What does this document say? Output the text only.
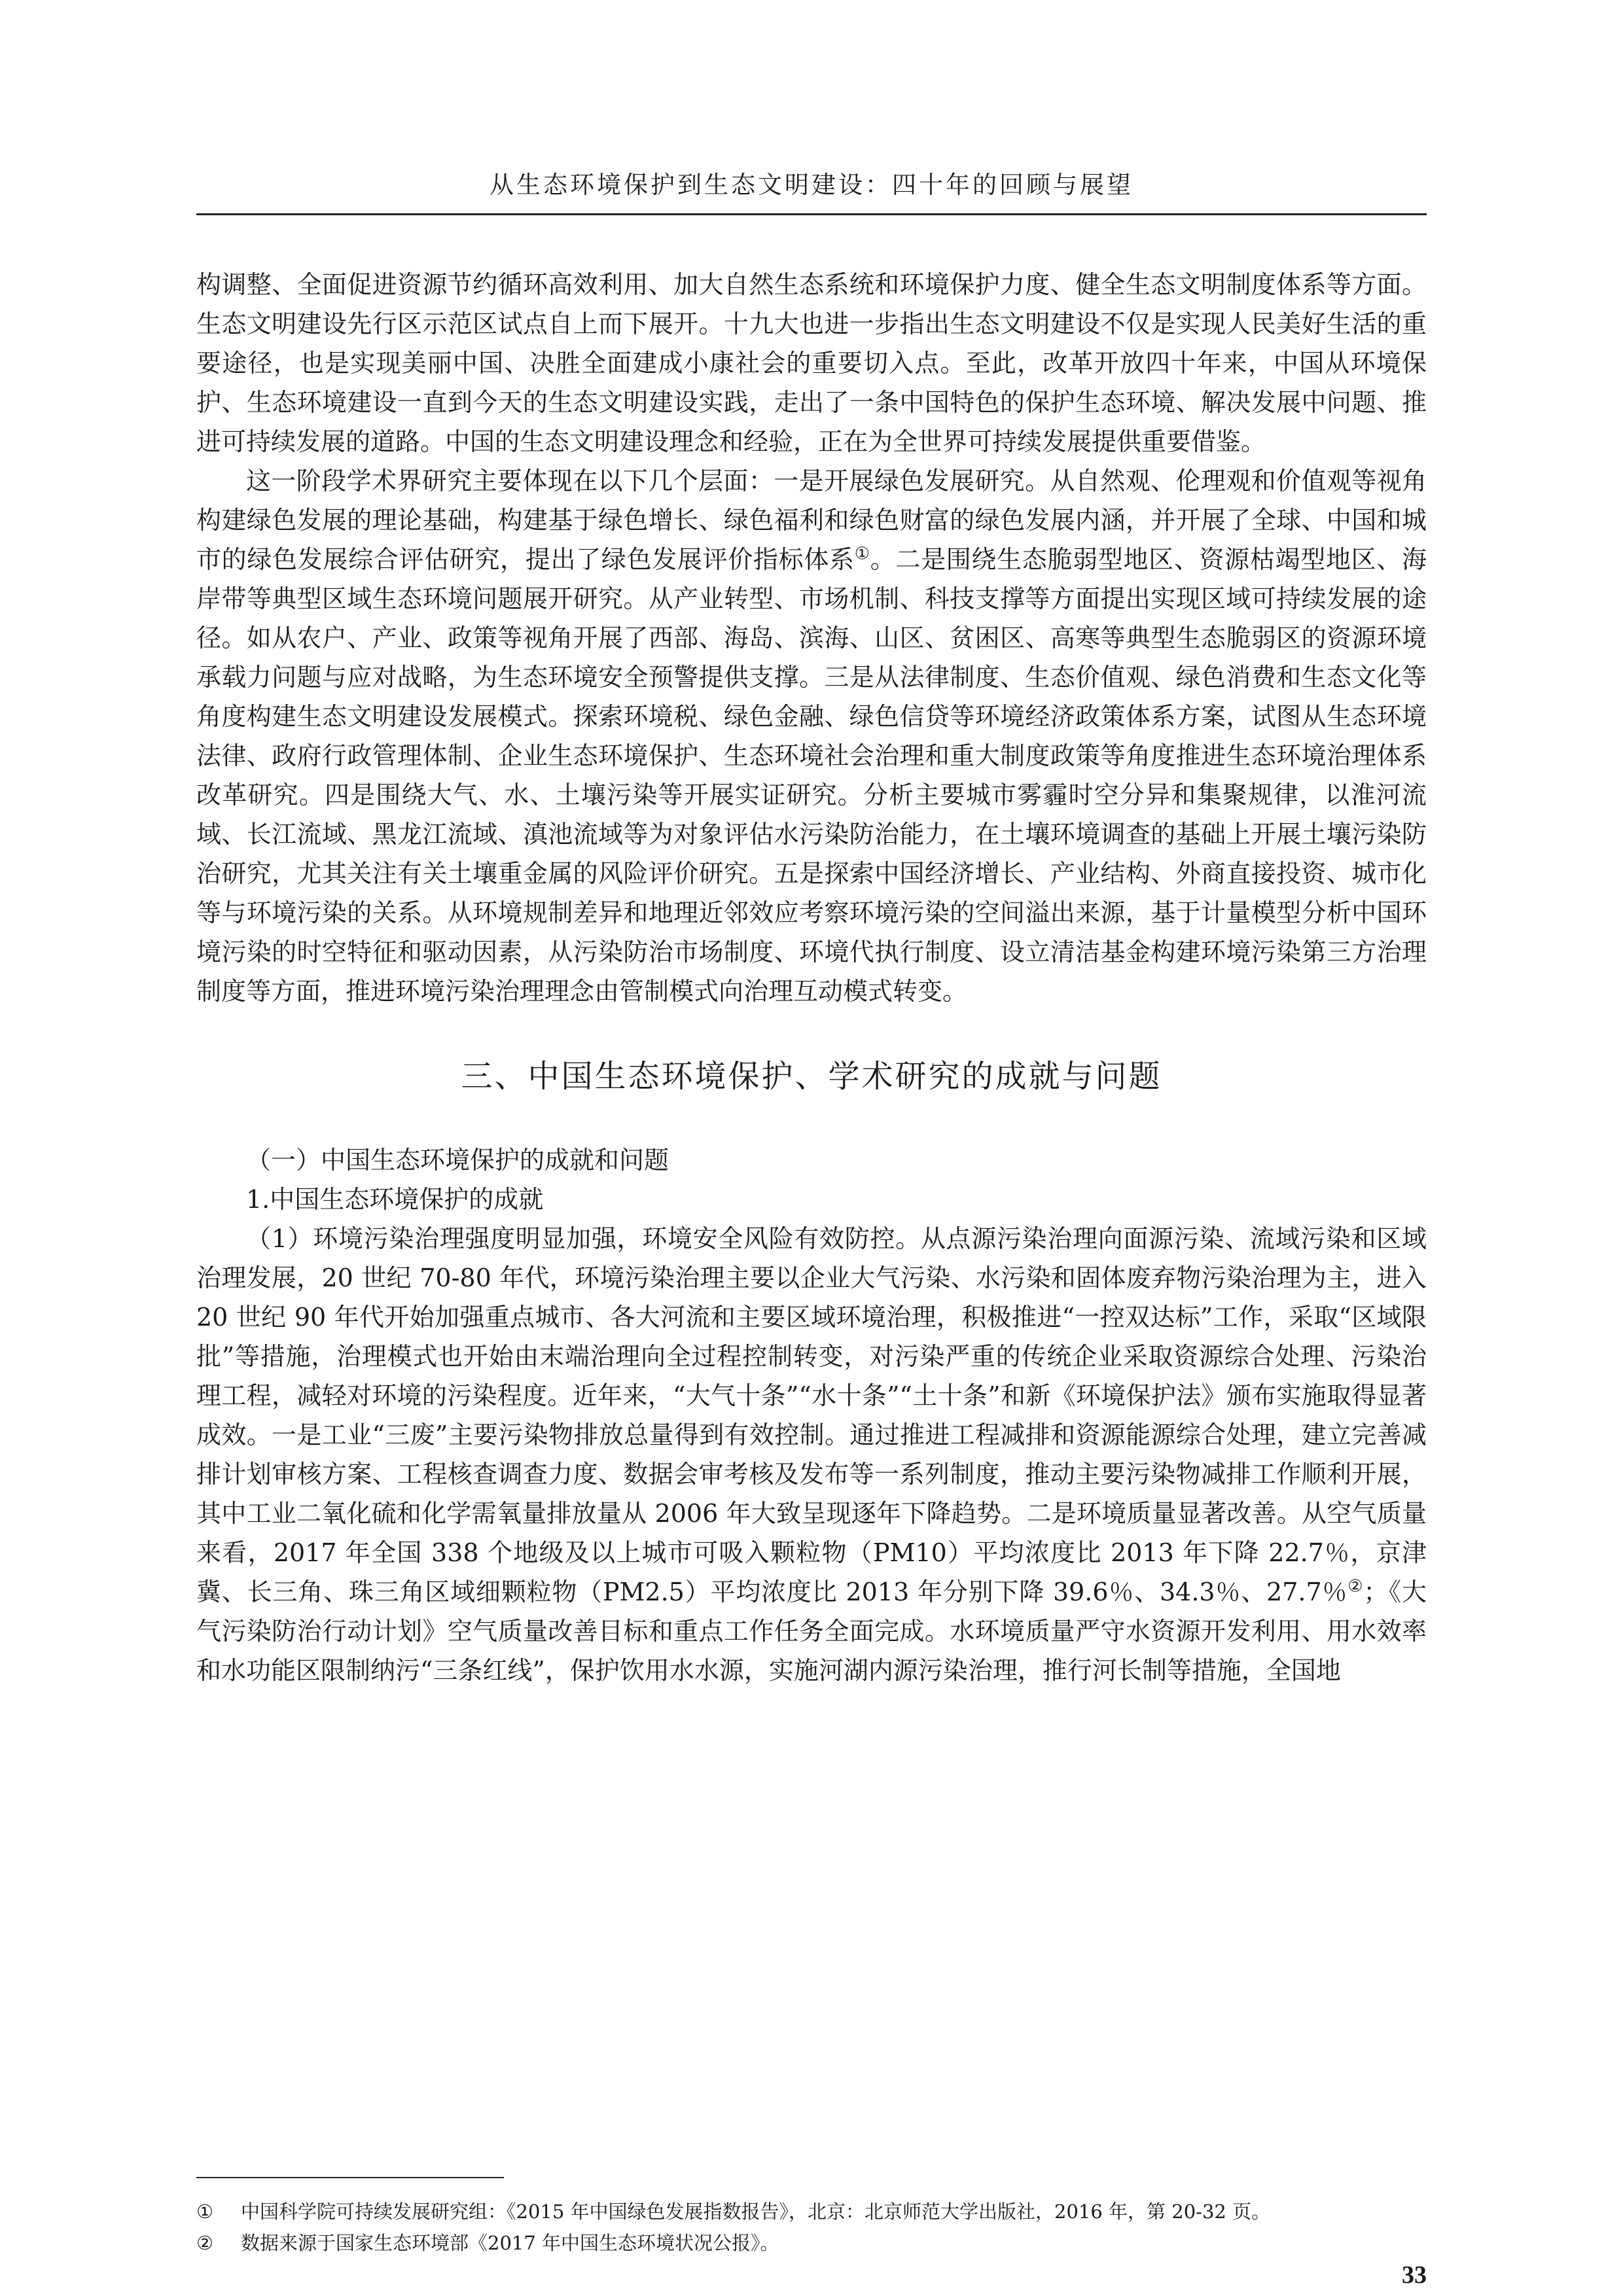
从生态环境保护到生态文明建设：四十年的回顾与展望

构调整、全面促进资源节约循环高效利用、加大自然生态系统和环境保护力度、健全生态文明制度体系等方面。生态文明建设先行区示范区试点自上而下展开。十九大也进一步指出生态文明建设不仅是实现人民美好生活的重要途径，也是实现美丽中国、决胜全面建成小康社会的重要切入点。至此，改革开放四十年来，中国从环境保护、生态环境建设一直到今天的生态文明建设实践，走出了一条中国特色的保护生态环境、解决发展中问题、推进可持续发展的道路。中国的生态文明建设理念和经验，正在为全世界可持续发展提供重要借鉴。

这一阶段学术界研究主要体现在以下几个层面：一是开展绿色发展研究。从自然观、伦理观和价值观等视角构建绿色发展的理论基础，构建基于绿色增长、绿色福利和绿色财富的绿色发展内涵，并开展了全球、中国和城市的绿色发展综合评估研究，提出了绿色发展评价指标体系①。二是围绕生态脆弱型地区、资源枯竭型地区、海岸带等典型区域生态环境问题展开研究。从产业转型、市场机制、科技支撑等方面提出实现区域可持续发展的途径。如从农户、产业、政策等视角开展了西部、海岛、滨海、山区、贫困区、高寒等典型生态脆弱区的资源环境承载力问题与应对战略，为生态环境安全预警提供支撑。三是从法律制度、生态价值观、绿色消费和生态文化等角度构建生态文明建设发展模式。探索环境税、绿色金融、绿色信贷等环境经济政策体系方案，试图从生态环境法律、政府行政管理体制、企业生态环境保护、生态环境社会治理和重大制度政策等角度推进生态环境治理体系改革研究。四是围绕大气、水、土壤污染等开展实证研究。分析主要城市雾霾时空分异和集聚规律，以淮河流域、长江流域、黑龙江流域、滇池流域等为对象评估水污染防治能力，在土壤环境调查的基础上开展土壤污染防治研究，尤其关注有关土壤重金属的风险评价研究。五是探索中国经济增长、产业结构、外商直接投资、城市化等与环境污染的关系。从环境规制差异和地理近邻效应考察环境污染的空间溢出来源，基于计量模型分析中国环境污染的时空特征和驱动因素，从污染防治市场制度、环境代执行制度、设立清洁基金构建环境污染第三方治理制度等方面，推进环境污染治理理念由管制模式向治理互动模式转变。

三、中国生态环境保护、学术研究的成就与问题

（一）中国生态环境保护的成就和问题

1.中国生态环境保护的成就

（1）环境污染治理强度明显加强，环境安全风险有效防控。从点源污染治理向面源污染、流域污染和区域治理发展，20 世纪 70-80 年代，环境污染治理主要以企业大气污染、水污染和固体废弃物污染治理为主，进入 20 世纪 90 年代开始加强重点城市、各大河流和主要区域环境治理，积极推进“一控双达标”工作，采取“区域限批”等措施，治理模式也开始由末端治理向全过程控制转变，对污染严重的传统企业采取资源综合处理、污染治理工程，减轻对环境的污染程度。近年来，“大气十条”“水十条”“土十条”和新《环境保护法》颁布实施取得显著成效。一是工业“三废”主要污染物排放总量得到有效控制。通过推进工程减排和资源能源综合处理，建立完善减排计划审核方案、工程核查调查力度、数据会审考核及发布等一系列制度，推动主要污染物减排工作顺利开展，其中工业二氧化硫和化学需氧量排放量从 2006 年大致呈现逐年下降趋势。二是环境质量显著改善。从空气质量来看，2017 年全国 338 个地级及以上城市可吸入颗粒物（PM10）平均浓度比 2013 年下降 22.7％，京津冀、长三角、珠三角区域细颗粒物（PM2.5）平均浓度比 2013 年分别下降 39.6％、34.3％、27.7％②；《大气污染防治行动计划》空气质量改善目标和重点工作任务全面完成。水环境质量严守水资源开发利用、用水效率和水功能区限制纳污“三条红线”，保护饮用水水源，实施河湖内源污染治理，推行河长制等措施，全国地

①	中国科学院可持续发展研究组：《2015 年中国绿色发展指数报告》，北京：北京师范大学出版社，2016 年，第 20-32 页。
②	数据来源于国家生态环境部《2017 年中国生态环境状况公报》。
33
